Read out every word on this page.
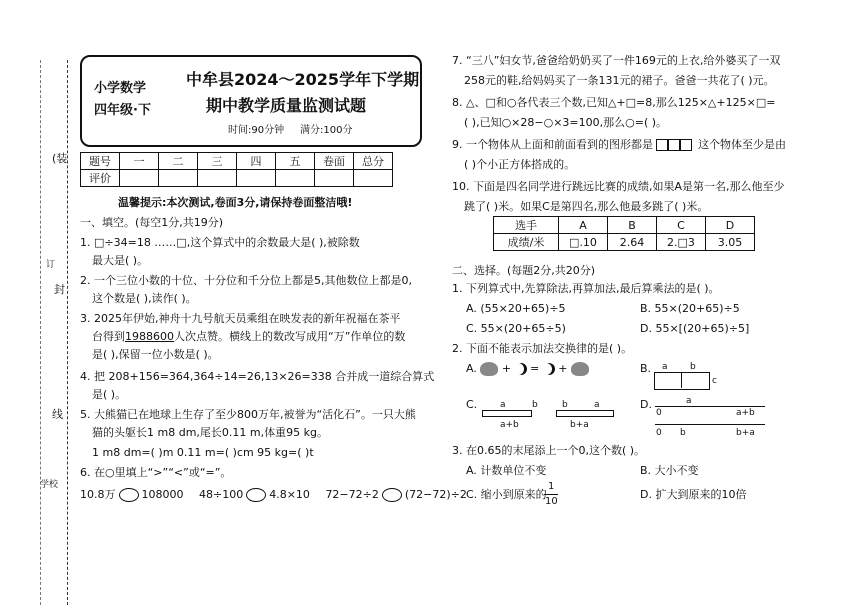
(装
订
封
线
学校
小学数学
四年级·下
中牟县2024～2025学年下学期
期中教学质量监测试题
时间:90分钟 满分:100分
题号	一	二	三	四	五	卷面	总分
评价							
温馨提示:本次测试,卷面3分,请保持卷面整洁哦!
一、填空。(每空1分,共19分)
1. □÷34=18 ……□,这个算式中的余数最大是( ),被除数
最大是( )。
2. 一个三位小数的十位、十分位和千分位上都是5,其他数位上都是0,
这个数是( ),读作( )。
3. 2025年伊始,神舟十九号航天员乘组在映发表的新年祝福在茶平
台得到1988600人次点赞。横线上的数改写成用“万”作单位的数
是( ),保留一位小数是( )。
4. 把 208+156=364,364÷14=26,13×26=338 合并成一道综合算式
是( )。
5. 大熊猫已在地球上生存了至少800万年,被誉为“活化石”。一只大熊
猫的头躯长1 m8 dm,尾长0.11 m,体重95 kg。
1 m8 dm=( )m 0.11 m=( )cm 95 kg=( )t
6. 在○里填上“>”“<”或“=”。
10.8万 108000 48÷100 4.8×10 72−72÷2 (72−72)÷2
7. “三八”妇女节,爸爸给奶奶买了一件169元的上衣,给外婆买了一双
258元的鞋,给妈妈买了一条131元的裙子。爸爸一共花了( )元。
8. △、□和○各代表三个数,已知△+□=8,那么125×△+125×□=
( ),已知○×28−○×3=100,那么○=( )。
9. 一个物体从上面和前面看到的图形都是	这个物体至少是由
( )个小正方体搭成的。
10. 下面是四名同学进行跳远比赛的成绩,如果A是第一名,那么他至少
跳了( )米。如果C是第四名,那么他最多跳了( )米。
选手	A	B	C	D
成绩/米	□.10	2.64	2.□3	3.05
二、选择。(每题2分,共20分)
1. 下列算式中,先算除法,再算加法,最后算乘法的是( )。
A. (55×20+65)÷5	B. 55×(20+65)÷5
C. 55×(20+65÷5)	D. 55×[(20+65)÷5]
2. 下面不能表示加法交换律的是( )。
A.  +  =  +	B. a b
c
C.	a	b	b	a
a+b	b+a
D.
0
a
a+b
0 b	b+a
3. 在0.65的末尾添上一个0,这个数( )。
A. 计数单位不变	B. 大小不变
C. 缩小到原来的
1
10
D. 扩大到原来的10倍
